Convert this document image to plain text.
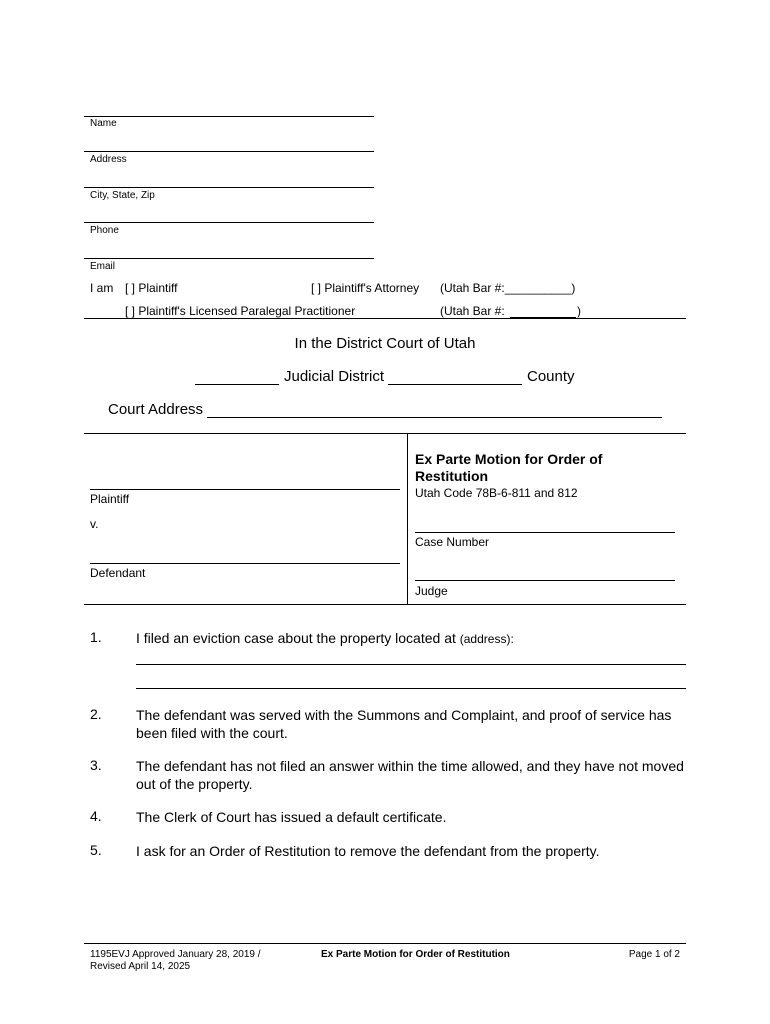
Name
Address
City, State, Zip
Phone
Email
I am [ ] Plaintiff	[ ] Plaintiff's Attorney (Utah Bar #:__________)
[ ] Plaintiff's Licensed Paralegal Practitioner	(Utah Bar #:	)
In the District Court of Utah
Judicial District	County
Court Address
Plaintiff
v.
Defendant
Ex Parte Motion for Order of
Restitution
Utah Code 78B-6-811 and 812
Case Number
Judge
1. I filed an eviction case about the property located at (address):
2. The defendant was served with the Summons and Complaint, and proof of service has been filed with the court.
3. The defendant has not filed an answer within the time allowed, and they have not moved out of the property.
4. The Clerk of Court has issued a default certificate.
5. I ask for an Order of Restitution to remove the defendant from the property.
1195EVJ Approved January 28, 2019 /
Revised April 14, 2025
Ex Parte Motion for Order of Restitution	Page 1 of 2
